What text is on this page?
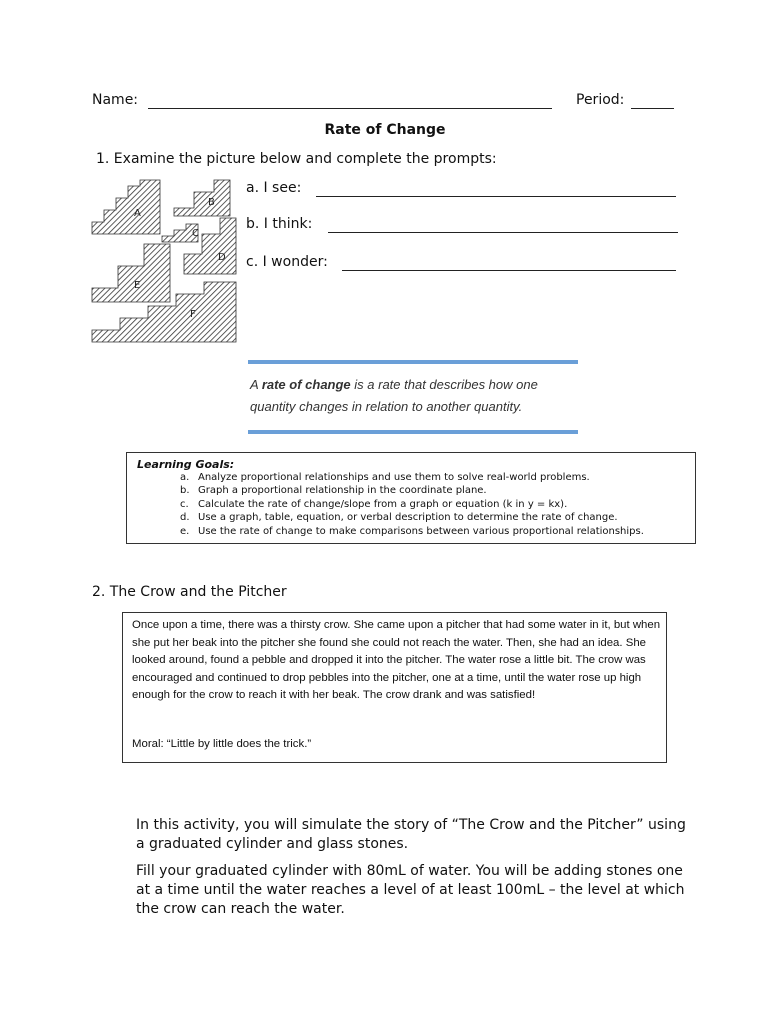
Name:	Period:
Rate of Change
1. Examine the picture below and complete the prompts:
A
B
C
D
E
F
a. I see:
b. I think:
c. I wonder:
A rate of change is a rate that describes how one quantity changes in relation to another quantity.
Learning Goals:
a. Analyze proportional relationships and use them to solve real-world problems.
b. Graph a proportional relationship in the coordinate plane.
c. Calculate the rate of change/slope from a graph or equation (k in y = kx).
d. Use a graph, table, equation, or verbal description to determine the rate of change.
e. Use the rate of change to make comparisons between various proportional relationships.
2. The Crow and the Pitcher
Once upon a time, there was a thirsty crow. She came upon a pitcher that had some water in it, but when she put her beak into the pitcher she found she could not reach the water. Then, she had an idea. She looked around, found a pebble and dropped it into the pitcher. The water rose a little bit. The crow was encouraged and continued to drop pebbles into the pitcher, one at a time, until the water rose up high enough for the crow to reach it with her beak. The crow drank and was satisfied!
Moral: “Little by little does the trick.”
In this activity, you will simulate the story of “The Crow and the Pitcher” using a graduated cylinder and glass stones.
Fill your graduated cylinder with 80mL of water. You will be adding stones one at a time until the water reaches a level of at least 100mL – the level at which the crow can reach the water.
